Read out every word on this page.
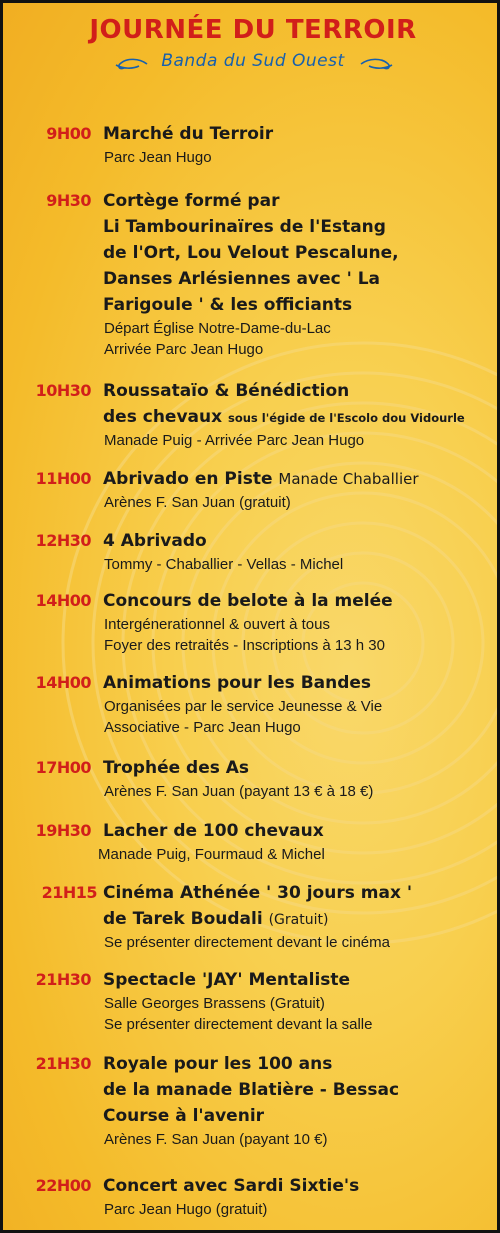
JOURNÉE DU TERROIR
Banda du Sud Ouest
9H00 Marché du Terroir
Parc Jean Hugo
9H30 Cortège formé par
Li Tambourinaïres de l'Estang
de l'Ort, Lou Velout Pescalune,
Danses Arlésiennes avec ' La
Farigoule ' & les officiants
Départ Église Notre-Dame-du-Lac
Arrivée Parc Jean Hugo
10H30 Roussataïo & Bénédiction
des chevaux sous l'égide de l'Escolo dou Vidourle
Manade Puig - Arrivée Parc Jean Hugo
11H00 Abrivado en Piste Manade Chaballier
Arènes F. San Juan (gratuit)
12H30 4 Abrivado
Tommy - Chaballier - Vellas - Michel
14H00 Concours de belote à la melée
Intergénerationnel & ouvert à tous
Foyer des retraités - Inscriptions à 13 h 30
14H00 Animations pour les Bandes
Organisées par le service Jeunesse & Vie
Associative - Parc Jean Hugo
17H00 Trophée des As
Arènes F. San Juan (payant 13 € à 18 €)
19H30 Lacher de 100 chevaux
Manade Puig, Fourmaud & Michel
21H15 Cinéma Athénée ' 30 jours max '
de Tarek Boudali (Gratuit)
Se présenter directement devant le cinéma
21H30 Spectacle 'JAY' Mentaliste
Salle Georges Brassens (Gratuit)
Se présenter directement devant la salle
21H30 Royale pour les 100 ans
de la manade Blatière - Bessac
Course à l'avenir
Arènes F. San Juan (payant 10 €)
22H00 Concert avec Sardi Sixtie's
Parc Jean Hugo (gratuit)
